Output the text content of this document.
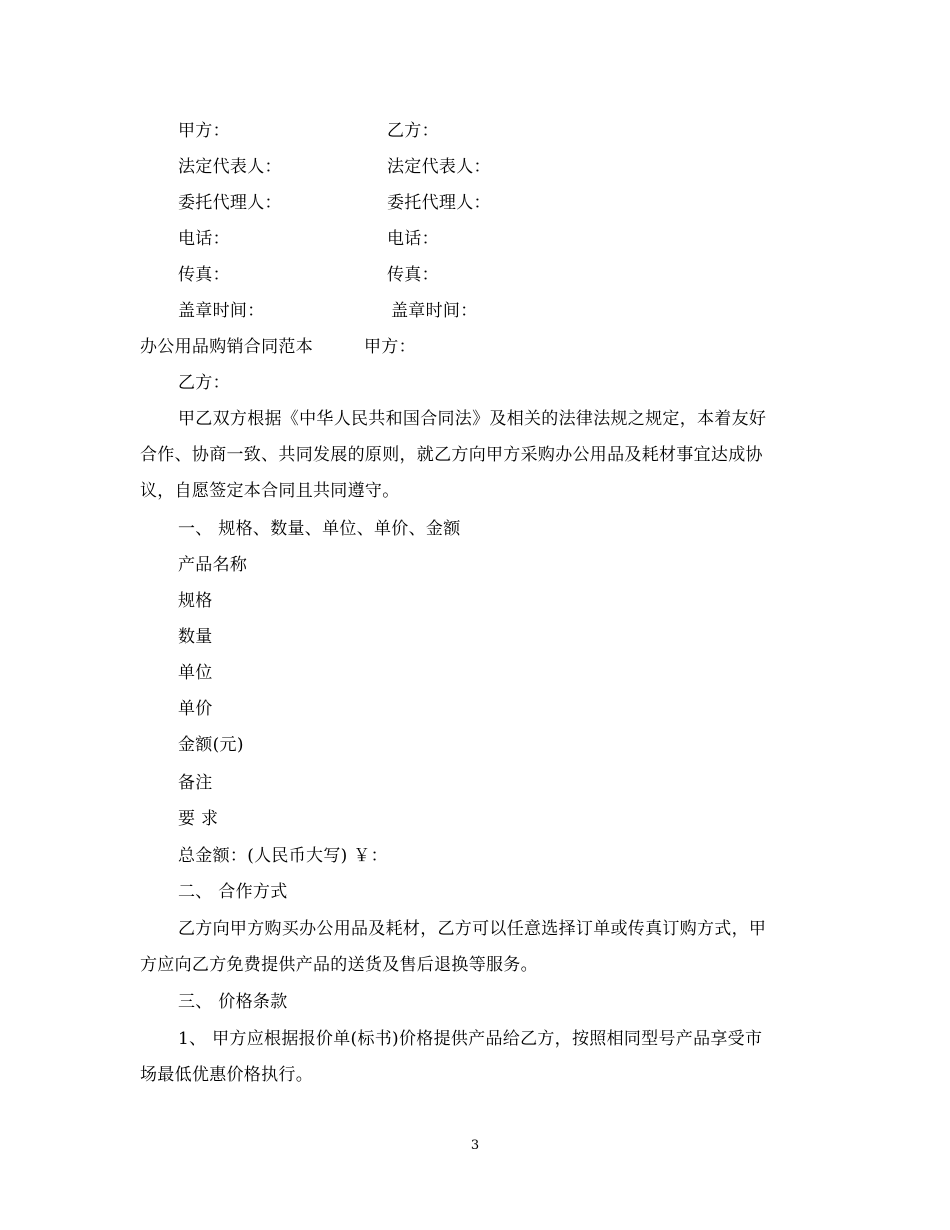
甲方：	乙方：
法定代表人：	法定代表人：
委托代理人：	委托代理人：
电话：	电话：
传真：	传真：
盖章时间：	盖章时间：
办公用品购销合同范本	甲方：
乙方：
甲乙双方根据《中华人民共和国合同法》及相关的法律法规之规定，本着友好
合作、协商一致、共同发展的原则，就乙方向甲方采购办公用品及耗材事宜达成协
议，自愿签定本合同且共同遵守。
一、 规格、数量、单位、单价、金额
产品名称
规格
数量
单位
单价
金额(元)
备注
要 求
总金额：(人民币大写) ￥：
二、 合作方式
乙方向甲方购买办公用品及耗材，乙方可以任意选择订单或传真订购方式，甲
方应向乙方免费提供产品的送货及售后退换等服务。
三、 价格条款
1、 甲方应根据报价单(标书)价格提供产品给乙方，按照相同型号产品享受市
场最低优惠价格执行。
3
